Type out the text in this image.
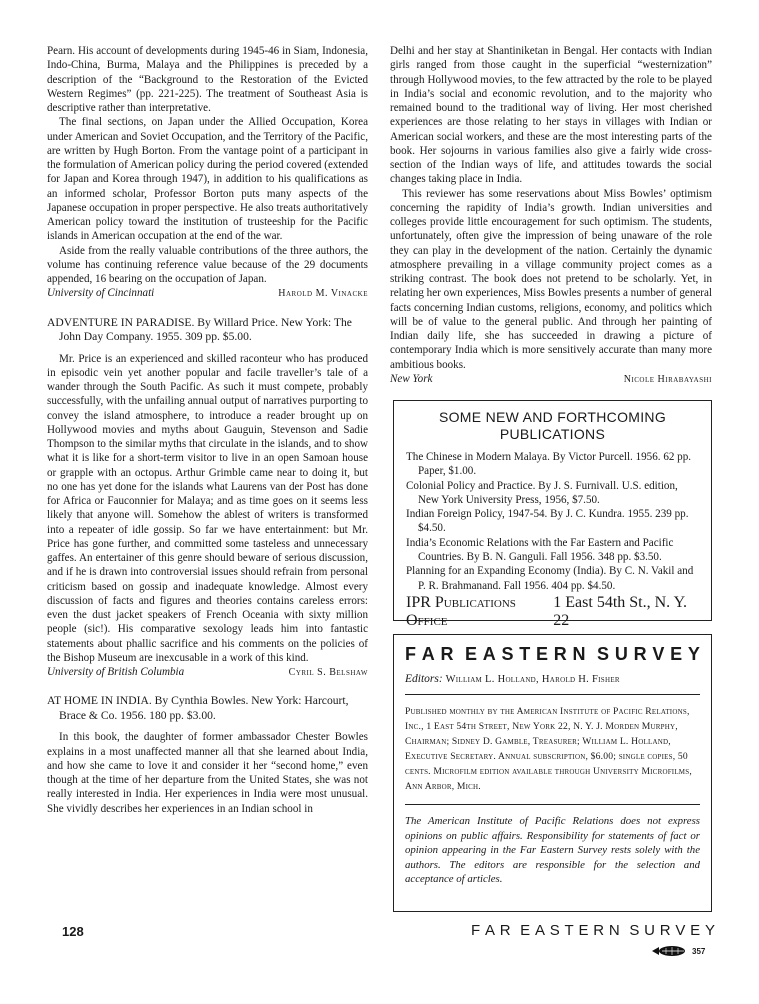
Pearn. His account of developments during 1945-46 in Siam, Indonesia, Indo-China, Burma, Malaya and the Philippines is preceded by a description of the “Background to the Restoration of the Evicted Western Regimes” (pp. 221-225). The treatment of Southeast Asia is descriptive rather than interpretative.

The final sections, on Japan under the Allied Occupation, Korea under American and Soviet Occupation, and the Territory of the Pacific, are written by Hugh Borton. From the vantage point of a participant in the formulation of American policy during the period covered (extended for Japan and Korea through 1947), in addition to his qualifications as an informed scholar, Professor Borton puts many aspects of the Japanese occupation in proper perspective. He also treats authoritatively American policy toward the institution of trusteeship for the Pacific islands in American occupation at the end of the war.

Aside from the really valuable contributions of the three authors, the volume has continuing reference value because of the 29 documents appended, 16 bearing on the occupation of Japan.

University of Cincinnati	Harold M. Vinacke

ADVENTURE IN PARADISE. By Willard Price. New York: The John Day Company. 1955. 309 pp. $5.00.

Mr. Price is an experienced and skilled raconteur who has produced in episodic vein yet another popular and facile traveller’s tale of a wander through the South Pacific. As such it must compete, probably successfully, with the unfailing annual output of narratives purporting to convey the island atmosphere, to introduce a reader brought up on Hollywood movies and myths about Gauguin, Stevenson and Sadie Thompson to the similar myths that circulate in the islands, and to show what it is like for a short-term visitor to live in an open Samoan house or grapple with an octopus. Arthur Grimble came near to doing it, but no one has yet done for the islands what Laurens van der Post has done for Africa or Fauconnier for Malaya; and as time goes on it seems less likely that anyone will. Somehow the ablest of writers is transformed into a repeater of idle gossip. So far we have entertainment: but Mr. Price has gone further, and committed some tasteless and unnecessary gaffes. An entertainer of this genre should beware of serious discussion, and if he is drawn into controversial issues should refrain from personal criticism based on gossip and inadequate knowledge. Almost every discussion of facts and figures and theories contains careless errors: even the dust jacket speakers of French Oceania with sixty million people (sic!). His comparative sexology leads him into fantastic statements about phallic sacrifice and his comments on the policies of the Bishop Museum are inexcusable in a work of this kind.

University of British Columbia	Cyril S. Belshaw

AT HOME IN INDIA. By Cynthia Bowles. New York: Harcourt, Brace & Co. 1956. 180 pp. $3.00.

In this book, the daughter of former ambassador Chester Bowles explains in a most unaffected manner all that she learned about India, and how she came to love it and consider it her “second home,” even though at the time of her departure from the United States, she was not really interested in India. Her experiences in India were most unusual. She vividly describes her experiences in an Indian school in

Delhi and her stay at Shantiniketan in Bengal. Her contacts with Indian girls ranged from those caught in the superficial “westernization” through Hollywood movies, to the few attracted by the role to be played in India’s social and economic revolution, and to the majority who remained bound to the traditional way of living. Her most cherished experiences are those relating to her stays in villages with Indian or American social workers, and these are the most interesting parts of the book. Her sojourns in various families also give a fairly wide cross-section of the Indian ways of life, and attitudes towards the social changes taking place in India.

This reviewer has some reservations about Miss Bowles’ optimism concerning the rapidity of India’s growth. Indian universities and colleges provide little encouragement for such optimism. The students, unfortunately, often give the impression of being unaware of the role they can play in the development of the nation. Certainly the dynamic atmosphere prevailing in a village community project comes as a striking contrast. The book does not pretend to be scholarly. Yet, in relating her own experiences, Miss Bowles presents a number of general facts concerning Indian customs, religions, economy, and politics which will be of value to the general public. And through her painting of Indian daily life, she has succeeded in drawing a picture of contemporary India which is more sensitively accurate than many more ambitious books.

New York	Nicole Hirabayashi
SOME NEW AND FORTHCOMING PUBLICATIONS

The Chinese in Modern Malaya. By Victor Purcell. 1956. 62 pp. Paper, $1.00.

Colonial Policy and Practice. By J. S. Furnivall. U.S. edition, New York University Press, 1956, $7.50.

Indian Foreign Policy, 1947-54. By J. C. Kundra. 1955. 239 pp. $4.50.

India’s Economic Relations with the Far Eastern and Pacific Countries. By B. N. Ganguli. Fall 1956. 348 pp. $3.50.

Planning for an Expanding Economy (India). By C. N. Vakil and P. R. Brahmanand. Fall 1956. 404 pp. $4.50.

IPR Publications Office
1 East 54th St., N. Y. 22
F A R E A S T E R N S U R V E Y
Editors: William L. Holland, Harold H. Fisher

Published monthly by the American Institute of Pacific Relations, Inc., 1 East 54th Street, New York 22, N. Y. J. Morden Murphy, Chairman; Sidney D. Gamble, Treasurer; William L. Holland, Executive Secretary. Annual subscription, $6.00; single copies, 50 cents. Microfilm edition available through University Microfilms, Ann Arbor, Mich.

The American Institute of Pacific Relations does not express opinions on public affairs. Responsibility for statements of fact or opinion appearing in the Far Eastern Survey rests solely with the authors. The editors are responsible for the selection and acceptance of articles.

128	F A R E A S T E R N S U R V E Y
357
